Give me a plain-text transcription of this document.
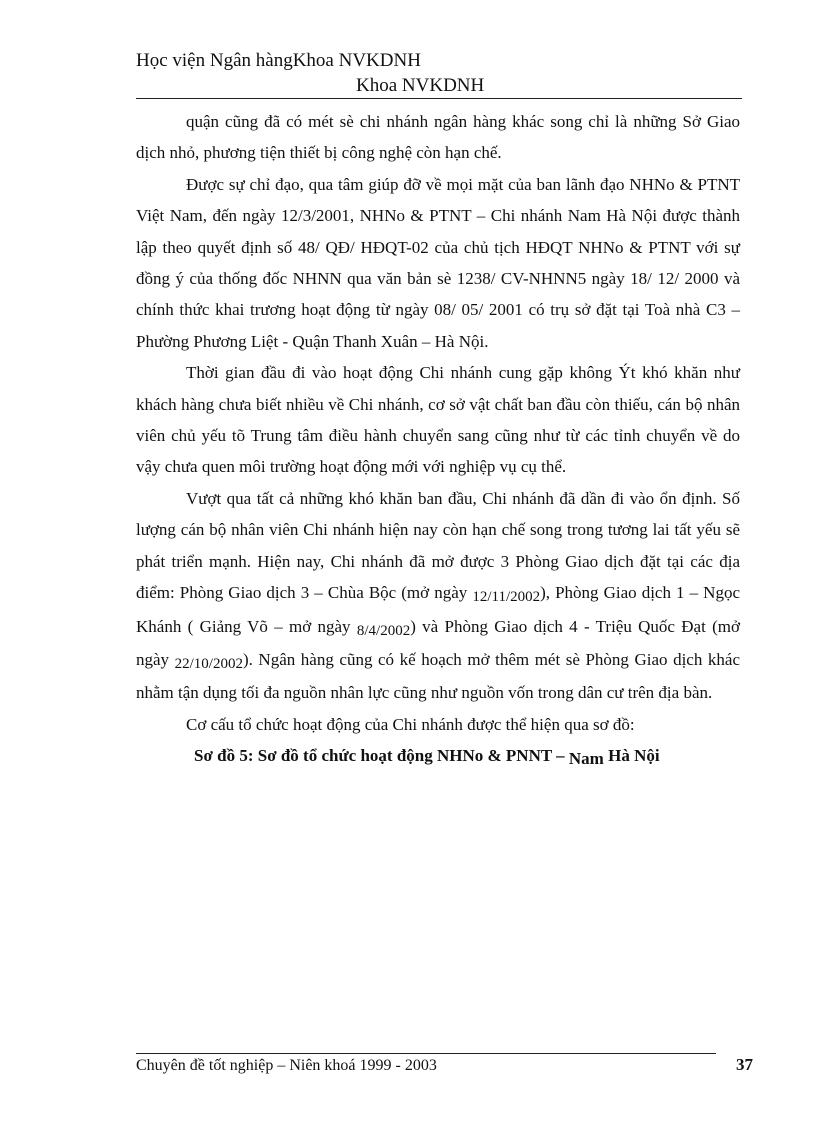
Học viện Ngân hàngKhoa NVKDNH
Khoa NVKDNH

quận cũng đã có mét sè chi nhánh ngân hàng khác song chỉ là những Sở Giao dịch nhỏ, phương tiện thiết bị công nghệ còn hạn chế.

Được sự chỉ đạo, qua tâm giúp đỡ về mọi mặt của ban lãnh đạo NHNo & PTNT Việt Nam, đến ngày 12/3/2001, NHNo & PTNT – Chi nhánh Nam Hà Nội được thành lập theo quyết định số 48/ QĐ/ HĐQT-02 của chủ tịch HĐQT NHNo & PTNT với sự đồng ý của thống đốc NHNN qua văn bản sè 1238/ CV-NHNN5 ngày 18/ 12/ 2000 và chính thức khai trương hoạt động từ ngày 08/ 05/ 2001 có trụ sở đặt tại Toà nhà C3 – Phường Phương Liệt - Quận Thanh Xuân – Hà Nội.

Thời gian đầu đi vào hoạt động Chi nhánh cung gặp không Ýt khó khăn như khách hàng chưa biết nhiều về Chi nhánh, cơ sở vật chất ban đầu còn thiếu, cán bộ nhân viên chủ yếu tõ Trung tâm điều hành chuyển sang cũng như từ các tỉnh chuyển về do vậy chưa quen môi trường hoạt động mới với nghiệp vụ cụ thể.

Vượt qua tất cả những khó khăn ban đầu, Chi nhánh đã dần đi vào ổn định. Số lượng cán bộ nhân viên Chi nhánh hiện nay còn hạn chế song trong tương lai tất yếu sẽ phát triển mạnh. Hiện nay, Chi nhánh đã mở được 3 Phòng Giao dịch đặt tại các địa điểm: Phòng Giao dịch 3 – Chùa Bộc (mở ngày 12/11/2002), Phòng Giao dịch 1 – Ngọc Khánh ( Giảng Võ – mở ngày 8/4/2002) và Phòng Giao dịch 4 - Triệu Quốc Đạt (mở ngày 22/10/2002). Ngân hàng cũng có kế hoạch mở thêm mét sè Phòng Giao dịch khác nhằm tận dụng tối đa nguồn nhân lực cũng như nguồn vốn trong dân cư trên địa bàn.

Cơ cấu tổ chức hoạt động của Chi nhánh được thể hiện qua sơ đồ:

Sơ đồ 5: Sơ đồ tổ chức hoạt động NHNo & PNNT – Nam Hà Nội

Chuyên đề tốt nghiệp – Niên khoá 1999 - 2003	37
